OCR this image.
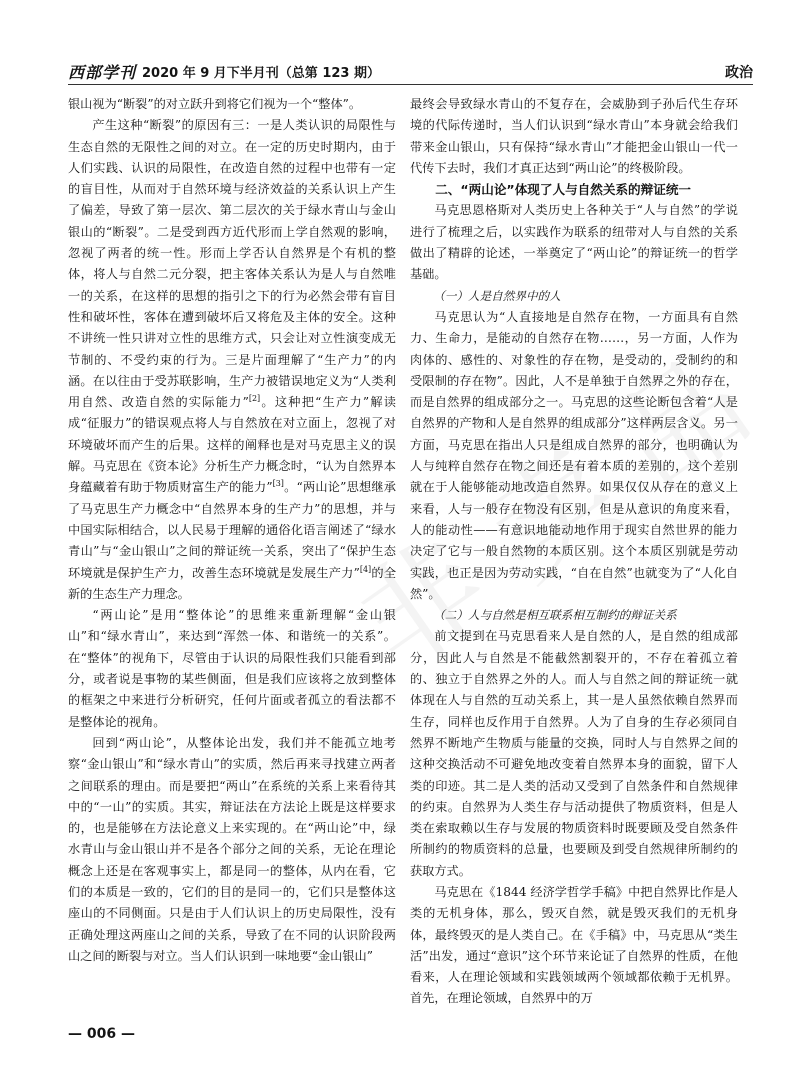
西部学刊 2020 年 9 月下半月刊（总第 123 期）	政治

银山视为“断裂”的对立跃升到将它们视为一个“整体”。

产生这种“断裂”的原因有三：一是人类认识的局限性与生态自然的无限性之间的对立。在一定的历史时期内，由于人们实践、认识的局限性，在改造自然的过程中也带有一定的盲目性，从而对于自然环境与经济效益的关系认识上产生了偏差，导致了第一层次、第二层次的关于绿水青山与金山银山的“断裂”。二是受到西方近代形而上学自然观的影响，忽视了两者的统一性。形而上学否认自然界是个有机的整体，将人与自然二元分裂，把主客体关系认为是人与自然唯一的关系，在这样的思想的指引之下的行为必然会带有盲目性和破坏性，客体在遭到破坏后又将危及主体的安全。这种不讲统一性只讲对立性的思维方式，只会让对立性演变成无节制的、不受约束的行为。三是片面理解了“生产力”的内涵。在以往由于受苏联影响，生产力被错误地定义为“人类利用自然、改造自然的实际能力”[2]。这种把“生产力”解读成“征服力”的错误观点将人与自然放在对立面上，忽视了对环境破坏而产生的后果。这样的阐释也是对马克思主义的误解。马克思在《资本论》分析生产力概念时，“认为自然界本身蕴藏着有助于物质财富生产的能力”[3]。“两山论”思想继承了马克思生产力概念中“自然界本身的生产力”的思想，并与中国实际相结合，以人民易于理解的通俗化语言阐述了“绿水青山”与“金山银山”之间的辩证统一关系，突出了“保护生态环境就是保护生产力，改善生态环境就是发展生产力”[4]的全新的生态生产力理念。

“两山论”是用“整体论”的思维来重新理解“金山银山”和“绿水青山”，来达到“浑然一体、和谐统一的关系”。在“整体”的视角下，尽管由于认识的局限性我们只能看到部分，或者说是事物的某些侧面，但是我们应该将之放到整体的框架之中来进行分析研究，任何片面或者孤立的看法都不是整体论的视角。

回到“两山论”，从整体论出发，我们并不能孤立地考察“金山银山”和“绿水青山”的实质，然后再来寻找建立两者之间联系的理由。而是要把“两山”在系统的关系上来看待其中的“一山”的实质。其实，辩证法在方法论上既是这样要求的，也是能够在方法论意义上来实现的。在“两山论”中，绿水青山与金山银山并不是各个部分之间的关系，无论在理论概念上还是在客观事实上，都是同一的整体，从内在看，它们的本质是一致的，它们的目的是同一的，它们只是整体这座山的不同侧面。只是由于人们认识上的历史局限性，没有正确处理这两座山之间的关系，导致了在不同的认识阶段两山之间的断裂与对立。当人们认识到一味地要“金山银山”

最终会导致绿水青山的不复存在，会威胁到子孙后代生存环境的代际传递时，当人们认识到“绿水青山”本身就会给我们带来金山银山，只有保持“绿水青山”才能把金山银山一代一代传下去时，我们才真正达到“两山论”的终极阶段。

二、“两山论”体现了人与自然关系的辩证统一

马克思恩格斯对人类历史上各种关于“人与自然”的学说进行了梳理之后，以实践作为联系的纽带对人与自然的关系做出了精辟的论述，一举奠定了“两山论”的辩证统一的哲学基础。

（一）人是自然界中的人

马克思认为“人直接地是自然存在物，一方面具有自然力、生命力，是能动的自然存在物……，另一方面，人作为肉体的、感性的、对象性的存在物，是受动的，受制约的和受限制的存在物”。因此，人不是单独于自然界之外的存在，而是自然界的组成部分之一。马克思的这些论断包含着“人是自然界的产物和人是自然界的组成部分”这样两层含义。另一方面，马克思在指出人只是组成自然界的部分，也明确认为人与纯粹自然存在物之间还是有着本质的差别的，这个差别就在于人能够能动地改造自然界。如果仅仅从存在的意义上来看，人与一般存在物没有区别，但是从意识的角度来看，人的能动性——有意识地能动地作用于现实自然世界的能力决定了它与一般自然物的本质区别。这个本质区别就是劳动实践，也正是因为劳动实践，“自在自然”也就变为了“人化自然”。

（二）人与自然是相互联系相互制约的辩证关系

前文提到在马克思看来人是自然的人，是自然的组成部分，因此人与自然是不能截然割裂开的，不存在着孤立着的、独立于自然界之外的人。而人与自然之间的辩证统一就体现在人与自然的互动关系上，其一是人虽然依赖自然界而生存，同样也反作用于自然界。人为了自身的生存必须同自然界不断地产生物质与能量的交换，同时人与自然界之间的这种交换活动不可避免地改变着自然界本身的面貌，留下人类的印迹。其二是人类的活动又受到了自然条件和自然规律的约束。自然界为人类生存与活动提供了物质资料，但是人类在索取赖以生存与发展的物质资料时既要顾及受自然条件所制约的物质资料的总量，也要顾及到受自然规律所制约的获取方式。

马克思在《1844 经济学哲学手稿》中把自然界比作是人类的无机身体，那么，毁灭自然，就是毁灭我们的无机身体，最终毁灭的是人类自己。在《手稿》中，马克思从“类生活”出发，通过“意识”这个环节来论证了自然界的性质，在他看来，人在理论领域和实践领域两个领域都依赖于无机界。首先，在理论领域，自然界中的万

— 006 —
